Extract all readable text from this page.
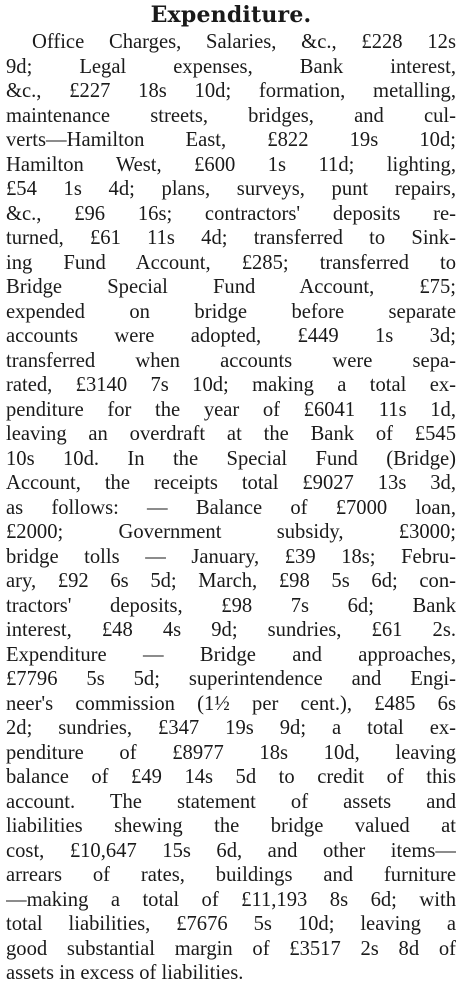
Expenditure.
Office Charges, Salaries, &c., £228 12s
9d; Legal expenses, Bank interest,
&c., £227 18s 10d; formation, metalling,
maintenance streets, bridges, and cul-
verts—Hamilton East, £822 19s 10d;
Hamilton West, £600 1s 11d; lighting,
£54 1s 4d; plans, surveys, punt repairs,
&c., £96 16s; contractors' deposits re-
turned, £61 11s 4d; transferred to Sink-
ing Fund Account, £285; transferred to
Bridge Special Fund Account, £75;
expended on bridge before separate
accounts were adopted, £449 1s 3d;
transferred when accounts were sepa-
rated, £3140 7s 10d; making a total ex-
penditure for the year of £6041 11s 1d,
leaving an overdraft at the Bank of £545
10s 10d. In the Special Fund (Bridge)
Account, the receipts total £9027 13s 3d,
as follows: — Balance of £7000 loan,
£2000; Government subsidy, £3000;
bridge tolls — January, £39 18s; Febru-
ary, £92 6s 5d; March, £98 5s 6d; con-
tractors' deposits, £98 7s 6d; Bank
interest, £48 4s 9d; sundries, £61 2s.
Expenditure — Bridge and approaches,
£7796 5s 5d; superintendence and Engi-
neer's commission (1½ per cent.), £485 6s
2d; sundries, £347 19s 9d; a total ex-
penditure of £8977 18s 10d, leaving
balance of £49 14s 5d to credit of this
account. The statement of assets and
liabilities shewing the bridge valued at
cost, £10,647 15s 6d, and other items—
arrears of rates, buildings and furniture
—making a total of £11,193 8s 6d; with
total liabilities, £7676 5s 10d; leaving a
good substantial margin of £3517 2s 8d of
assets in excess of liabilities.
